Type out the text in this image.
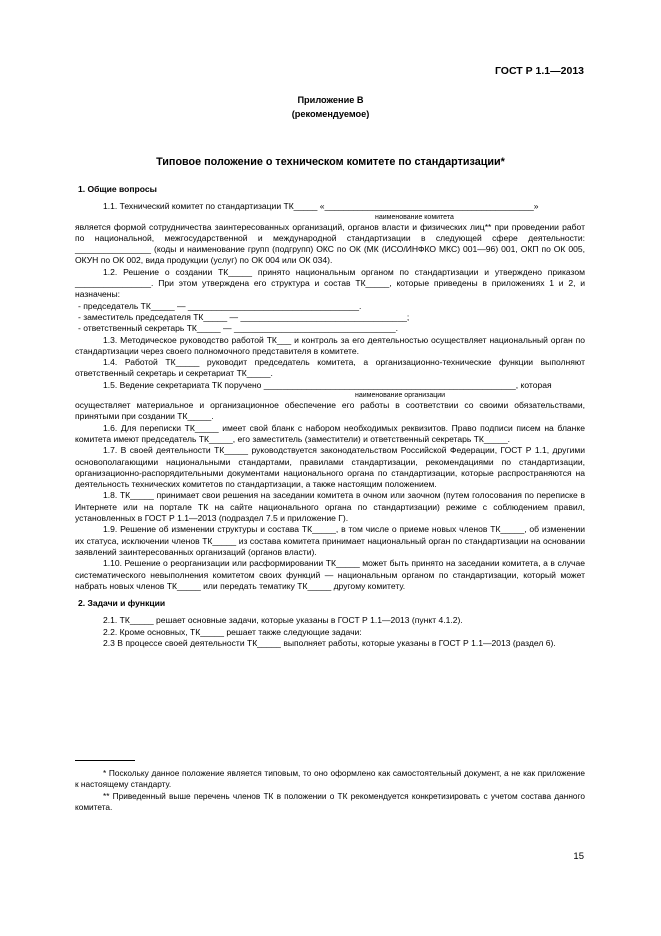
ГОСТ Р 1.1—2013
Приложение В
(рекомендуемое)
Типовое положение о техническом комитете по стандартизации*

1. Общие вопросы

1.1. Технический комитет по стандартизации ТК_____ «____________________________________________»

наименование комитета

является формой сотрудничества заинтересованных организаций, органов власти и физических лиц** при проведении работ по национальной, межгосударственной и международной стандартизации в следующей сфере деятельности: ________________ (коды и наименование групп (подгрупп) ОКС по ОК (МК (ИСО/ИНФКО МКС) 001—96) 001, ОКП по ОК 005, ОКУН по ОК 002, вида продукции (услуг) по ОК 004 или ОК 034).

1.2. Решение о создании ТК_____ принято национальным органом по стандартизации и утверждено приказом ________________. При этом утверждена его структура и состав ТК_____, которые приведены в приложениях 1 и 2, и назначены:

- председатель ТК_____ — ____________________________________.

- заместитель председателя ТК_____ — ___________________________________;

- ответственный секретарь ТК_____ — __________________________________.

1.3. Методическое руководство работой ТК___ и контроль за его деятельностью осуществляет национальный орган по стандартизации через своего полномочного представителя в комитете.

1.4. Работой ТК_____ руководит председатель комитета, а организационно-технические функции выполняют ответственный секретарь и секретариат ТК_____.

1.5. Ведение секретариата ТК поручено _____________________________________________________, которая

наименование организации

осуществляет материальное и организационное обеспечение его работы в соответствии со своими обязательствами, принятыми при создании ТК_____.

1.6. Для переписки ТК_____ имеет свой бланк с набором необходимых реквизитов. Право подписи писем на бланке комитета имеют председатель ТК_____, его заместитель (заместители) и ответственный секретарь ТК_____.

1.7. В своей деятельности ТК_____ руководствуется законодательством Российской Федерации, ГОСТ Р 1.1, другими основополагающими национальными стандартами, правилами стандартизации, рекомендациями по стандартизации, организационно-распорядительными документами национального органа по стандартизации, которые распространяются на деятельность технических комитетов по стандартизации, а также настоящим положением.

1.8. ТК_____ принимает свои решения на заседании комитета в очном или заочном (путем голосования по переписке в Интернете или на портале ТК на сайте национального органа по стандартизации) режиме с соблюдением правил, установленных в ГОСТ Р 1.1—2013 (подраздел 7.5 и приложение Г).

1.9. Решение об изменении структуры и состава ТК_____, в том числе о приеме новых членов ТК_____, об изменении их статуса, исключении членов ТК_____ из состава комитета принимает национальный орган по стандартизации на основании заявлений заинтересованных организаций (органов власти).

1.10. Решение о реорганизации или расформировании ТК_____ может быть принято на заседании комитета, а в случае систематического невыполнения комитетом своих функций — национальным органом по стандартизации, который может набрать новых членов ТК_____ или передать тематику ТК_____ другому комитету.

2. Задачи и функции

2.1. ТК_____ решает основные задачи, которые указаны в ГОСТ Р 1.1—2013 (пункт 4.1.2).

2.2. Кроме основных, ТК_____ решает также следующие задачи:

2.3 В процессе своей деятельности ТК_____ выполняет работы, которые указаны в ГОСТ Р 1.1—2013 (раздел 6).

* Поскольку данное положение является типовым, то оно оформлено как самостоятельный документ, а не как приложение к настоящему стандарту.

** Приведенный выше перечень членов ТК в положении о ТК рекомендуется конкретизировать с учетом состава данного комитета.

15
